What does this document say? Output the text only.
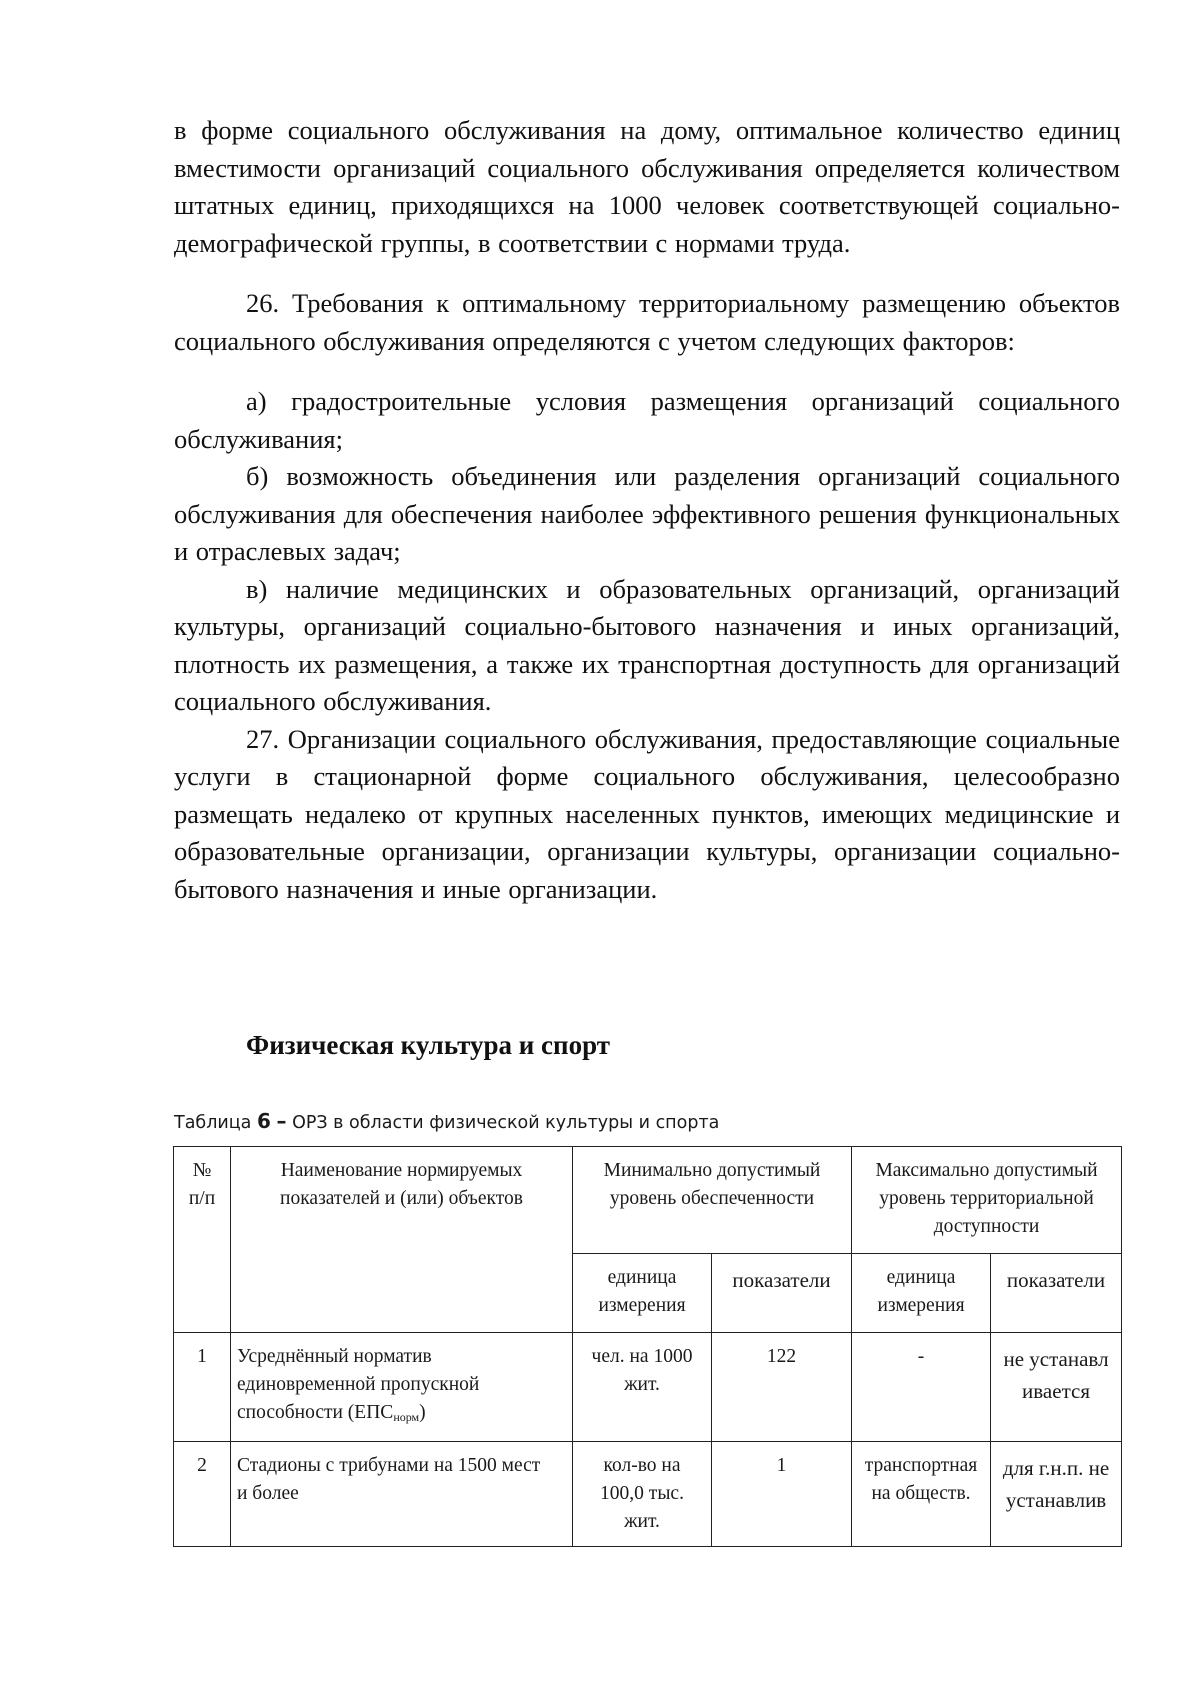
в форме социального обслуживания на дому, оптимальное количество единиц вместимости организаций социального обслуживания определяется количеством штатных единиц, приходящихся на 1000 человек соответствующей социально-демографической группы, в соответствии с нормами труда.

26. Требования к оптимальному территориальному размещению объектов социального обслуживания определяются с учетом следующих факторов:

а) градостроительные условия размещения организаций социального обслуживания;

б) возможность объединения или разделения организаций социального обслуживания для обеспечения наиболее эффективного решения функциональных и отраслевых задач;

в) наличие медицинских и образовательных организаций, организаций культуры, организаций социально-бытового назначения и иных организаций, плотность их размещения, а также их транспортная доступность для организаций социального обслуживания.

27. Организации социального обслуживания, предоставляющие социальные услуги в стационарной форме социального обслуживания, целесообразно размещать недалеко от крупных населенных пунктов, имеющих медицинские и образовательные организации, организации культуры, организации социально-бытового назначения и иные организации.

Физическая культура и спорт
Таблица 6 – ОРЗ в области физической культуры и спорта
№
п/п	Наименование нормируемых показателей и (или) объектов	Минимально допустимый уровень обеспеченности		Максимально допустимый уровень территориальной доступности	
		единица измерения	показатели	единица измерения	показатели
1	Усреднённый норматив единовременной пропускной способности $(ЕПС_{норм})$	чел. на 1000 жит.	122	-	не устанавливается
2	Стадионы с трибунами на 1500 мест и более	кол-во на 100,0 тыс. жит.	1	транспортная на обществ.	для г.н.п. не устанавлив
